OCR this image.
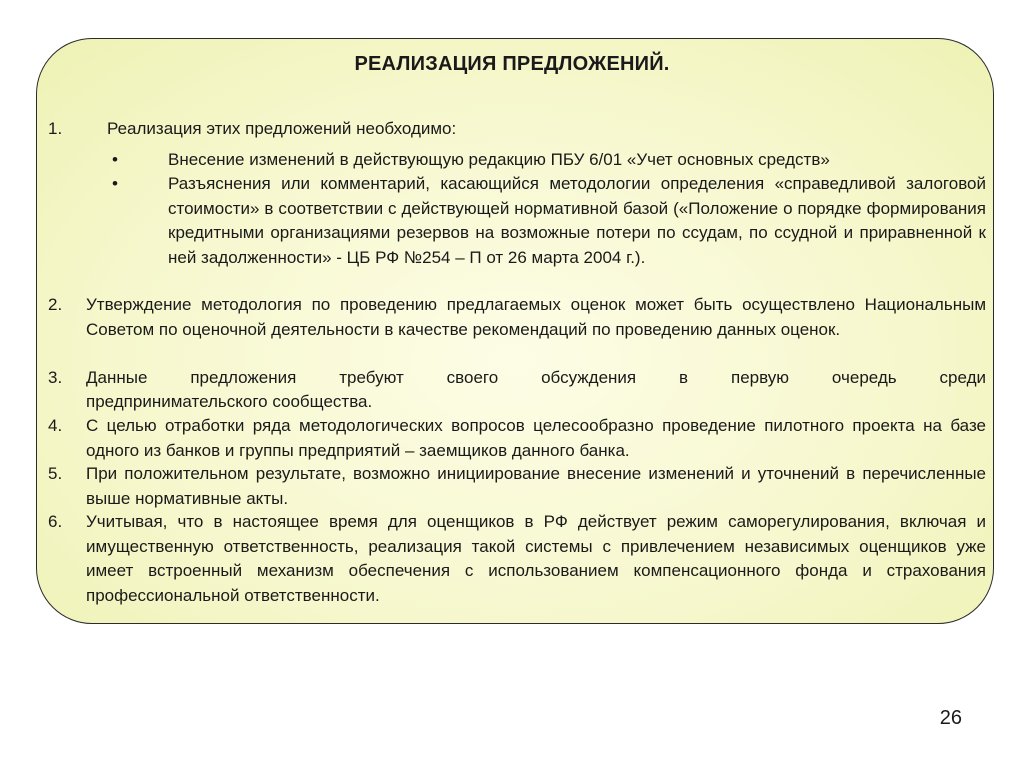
РЕАЛИЗАЦИЯ ПРЕДЛОЖЕНИЙ.
1.	Реализация этих предложений необходимо:
•	Внесение изменений в действующую редакцию ПБУ 6/01 «Учет основных средств»
•	Разъяснения или комментарий, касающийся методологии определения «справедливой залоговой стоимости» в соответствии с действующей нормативной базой («Положение о порядке формирования кредитными организациями резервов на возможные потери по ссудам, по ссудной и приравненной к ней задолженности» - ЦБ РФ №254 – П от 26 марта 2004 г.).
2. Утверждение методология по проведению предлагаемых оценок может быть осуществлено Национальным Советом по оценочной деятельности в качестве рекомендаций по проведению данных оценок.
3. Данные предложения требуют своего обсуждения в первую очередь среди
предпринимательского сообщества.
4. С целью отработки ряда методологических вопросов целесообразно проведение пилотного проекта на базе одного из банков и группы предприятий – заемщиков данного банка.
5. При положительном результате, возможно инициирование внесение изменений и уточнений в перечисленные выше нормативные акты.
6. Учитывая, что в настоящее время для оценщиков в РФ действует режим саморегулирования, включая и имущественную ответственность, реализация такой системы с привлечением независимых оценщиков уже имеет встроенный механизм обеспечения с использованием компенсационного фонда и страхования профессиональной ответственности.
26
